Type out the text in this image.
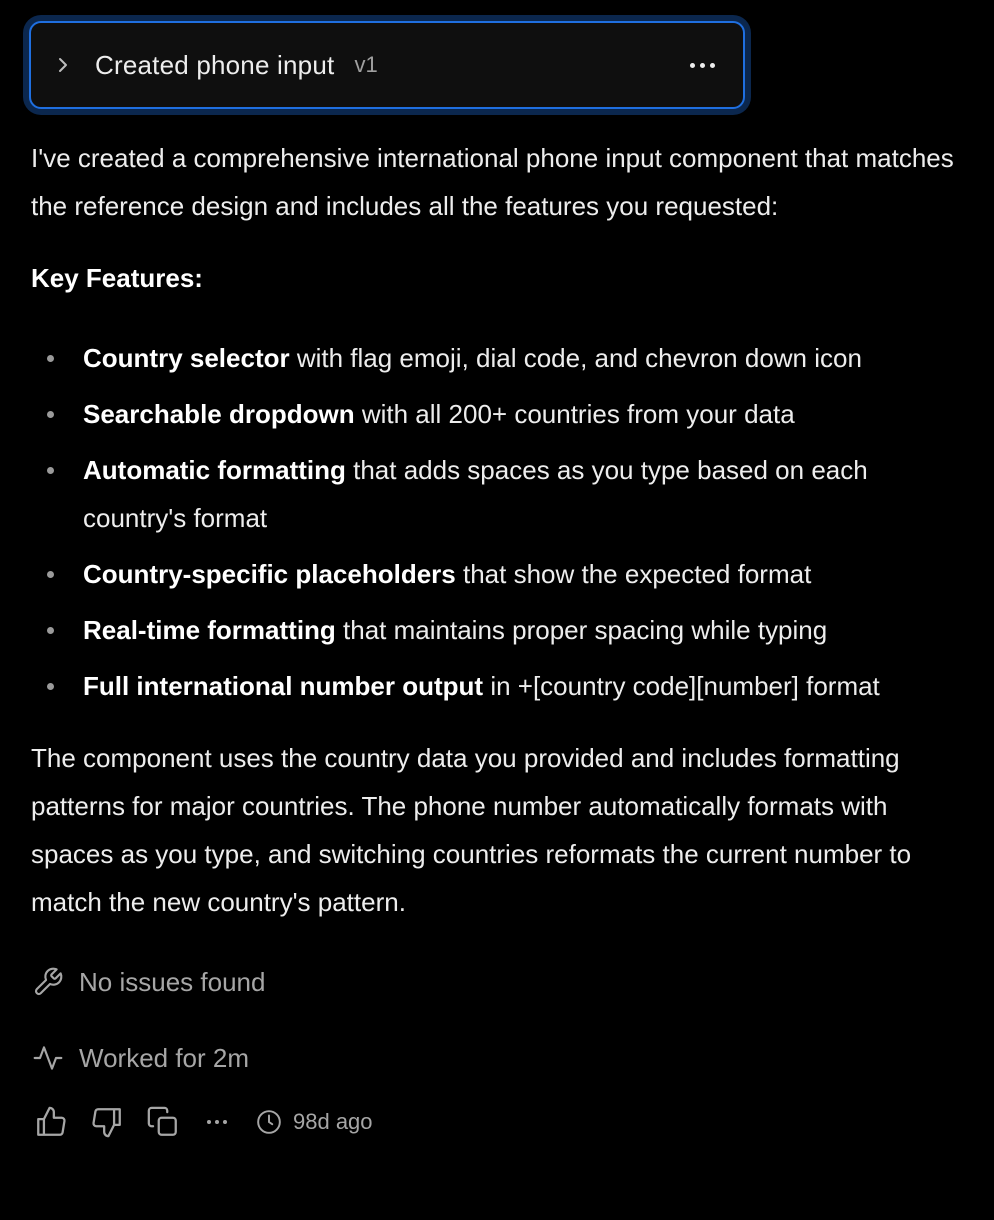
Created phone input v1

I've created a comprehensive international phone input component that matches the reference design and includes all the features you requested:

Key Features:
Country selector with flag emoji, dial code, and chevron down icon
Searchable dropdown with all 200+ countries from your data
Automatic formatting that adds spaces as you type based on each country's format
Country-specific placeholders that show the expected format
Real-time formatting that maintains proper spacing while typing
Full international number output in +[country code][number] format

The component uses the country data you provided and includes formatting patterns for major countries. The phone number automatically formats with spaces as you type, and switching countries reformats the current number to match the new country's pattern.

No issues found
Worked for 2m
98d ago
